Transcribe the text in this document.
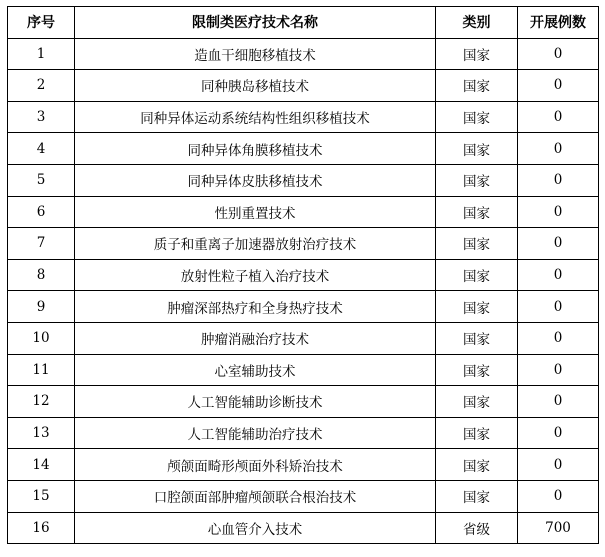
序号	限制类医疗技术名称	类别	开展例数
1	造血干细胞移植技术	国家	0
2	同种胰岛移植技术	国家	0
3	同种异体运动系统结构性组织移植技术	国家	0
4	同种异体角膜移植技术	国家	0
5	同种异体皮肤移植技术	国家	0
6	性别重置技术	国家	0
7	质子和重离子加速器放射治疗技术	国家	0
8	放射性粒子植入治疗技术	国家	0
9	肿瘤深部热疗和全身热疗技术	国家	0
10	肿瘤消融治疗技术	国家	0
11	心室辅助技术	国家	0
12	人工智能辅助诊断技术	国家	0
13	人工智能辅助治疗技术	国家	0
14	颅颌面畸形颅面外科矫治技术	国家	0
15	口腔颌面部肿瘤颅颌联合根治技术	国家	0
16	心血管介入技术	省级	700
